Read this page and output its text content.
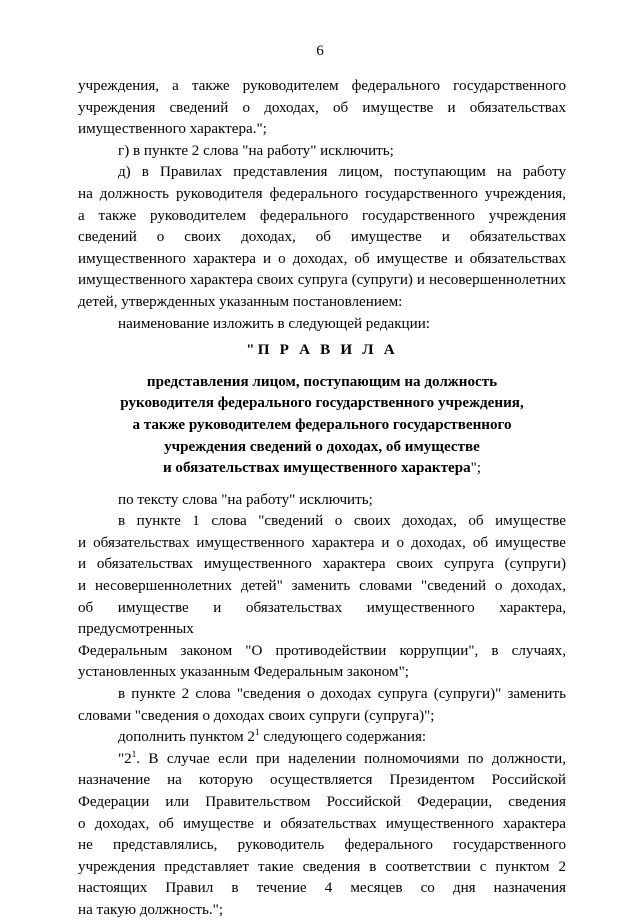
6

учреждения, а также руководителем федерального государственного

учреждения сведений о доходах, об имуществе и обязательствах

имущественного характера.";

г) в пункте 2 слова "на работу" исключить;

д) в Правилах представления лицом, поступающим на работу

на должность руководителя федерального государственного учреждения,

а также руководителем федерального государственного учреждения

сведений о своих доходах, об имуществе и обязательствах

имущественного характера и о доходах, об имуществе и обязательствах

имущественного характера своих супруга (супруги) и несовершеннолетних

детей, утвержденных указанным постановлением:

наименование изложить в следующей редакции:

"П Р А В И Л А

представления лицом, поступающим на должность
руководителя федерального государственного учреждения,
а также руководителем федерального государственного
учреждения сведений о доходах, об имуществе
и обязательствах имущественного характера";

по тексту слова "на работу" исключить;

в пункте 1 слова "сведений о своих доходах, об имуществе

и обязательствах имущественного характера и о доходах, об имуществе

и обязательствах имущественного характера своих супруга (супруги)

и несовершеннолетних детей" заменить словами "сведений о доходах,

об имуществе и обязательствах имущественного характера, предусмотренных

Федеральным законом "О противодействии коррупции", в случаях,

установленных указанным Федеральным законом";

в пункте 2 слова "сведения о доходах супруга (супруги)" заменить

словами "сведения о доходах своих супруги (супруга)";

дополнить пунктом $2^1$ следующего содержания:

"$2^1$. В случае если при наделении полномочиями по должности,

назначение на которую осуществляется Президентом Российской

Федерации или Правительством Российской Федерации, сведения

о доходах, об имуществе и обязательствах имущественного характера

не представлялись, руководитель федерального государственного

учреждения представляет такие сведения в соответствии с пунктом 2

настоящих Правил в течение 4 месяцев со дня назначения

на такую должность.";
